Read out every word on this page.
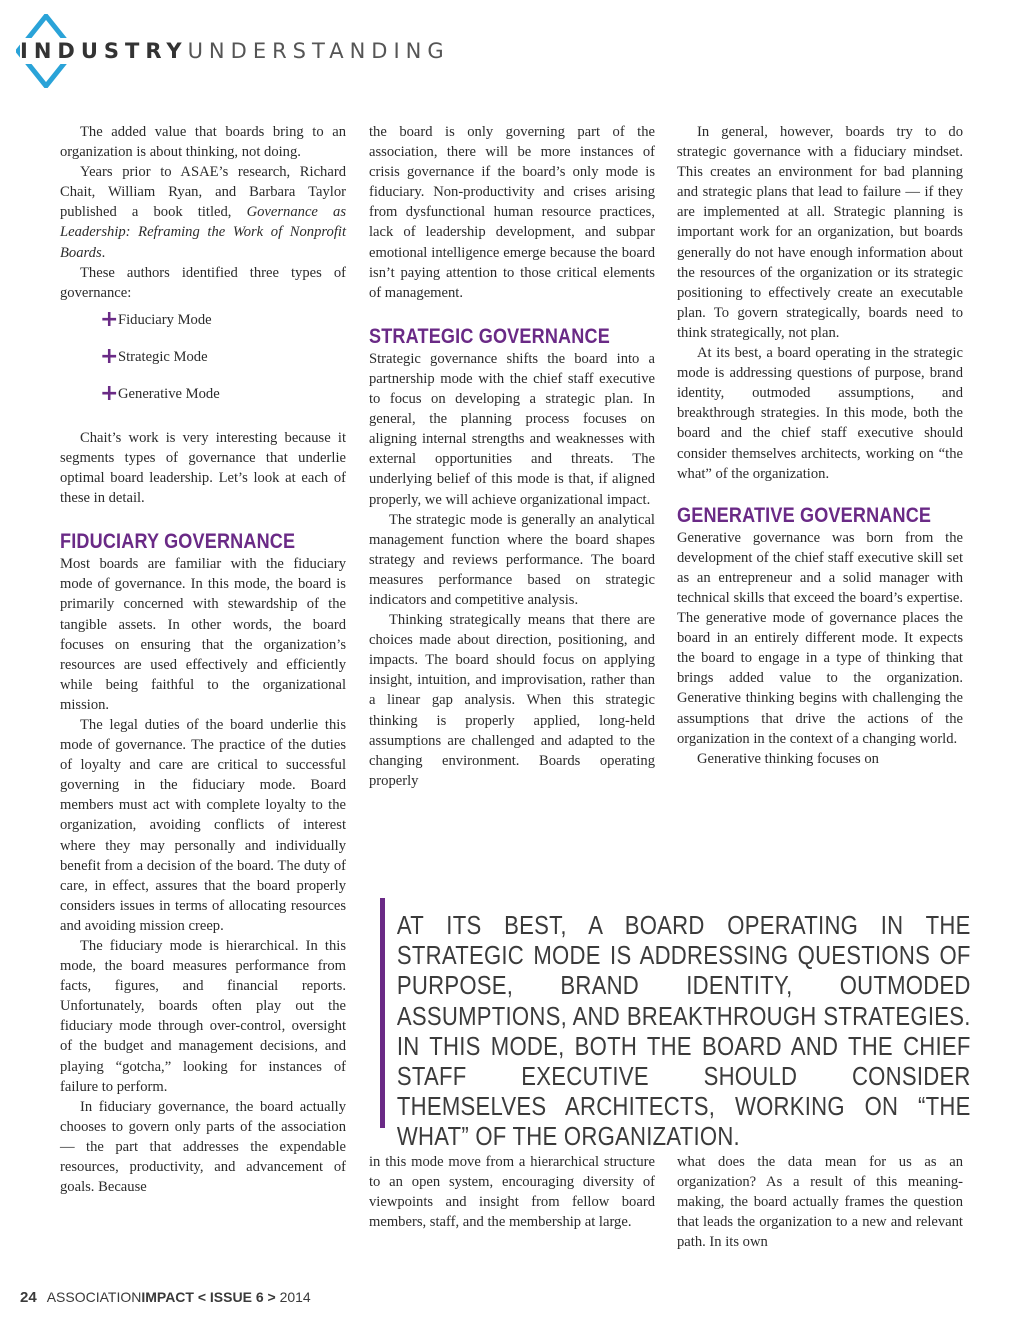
INDUSTRYUNDERSTANDING

The added value that boards bring to an organization is about thinking, not doing.

Years prior to ASAE’s research, Richard Chait, William Ryan, and Barbara Taylor published a book titled, Governance as Leadership: Reframing the Work of Nonprofit Boards.

These authors identified three types of governance:

+ Fiduciary Mode
+ Strategic Mode
+ Generative Mode

Chait’s work is very interesting because it segments types of governance that underlie optimal board leadership. Let’s look at each of these in detail.

FIDUCIARY GOVERNANCE

Most boards are familiar with the fiduciary mode of governance. In this mode, the board is primarily concerned with stewardship of the tangible assets. In other words, the board focuses on ensuring that the organization’s resources are used effectively and efficiently while being faithful to the organizational mission.

The legal duties of the board underlie this mode of governance. The practice of the duties of loyalty and care are critical to successful governing in the fiduciary mode. Board members must act with complete loyalty to the organization, avoiding conflicts of interest where they may personally and individually benefit from a decision of the board. The duty of care, in effect, assures that the board properly considers issues in terms of allocating resources and avoiding mission creep.

The fiduciary mode is hierarchical. In this mode, the board measures performance from facts, figures, and financial reports. Unfortunately, boards often play out the fiduciary mode through over-control, oversight of the budget and management decisions, and playing “gotcha,” looking for instances of failure to perform.

In fiduciary governance, the board actually chooses to govern only parts of the association — the part that addresses the expendable resources, productivity, and advancement of goals. Because

the board is only governing part of the association, there will be more instances of crisis governance if the board’s only mode is fiduciary. Non-productivity and crises arising from dysfunctional human resource practices, lack of leadership development, and subpar emotional intelligence emerge because the board isn’t paying attention to those critical elements of management.

STRATEGIC GOVERNANCE

Strategic governance shifts the board into a partnership mode with the chief staff executive to focus on developing a strategic plan. In general, the planning process focuses on aligning internal strengths and weaknesses with external opportunities and threats. The underlying belief of this mode is that, if aligned properly, we will achieve organizational impact.

The strategic mode is generally an analytical management function where the board shapes strategy and reviews performance. The board measures performance based on strategic indicators and competitive analysis.

Thinking strategically means that there are choices made about direction, positioning, and impacts. The board should focus on applying insight, intuition, and improvisation, rather than a linear gap analysis. When this strategic thinking is properly applied, long-held assumptions are challenged and adapted to the changing environment. Boards operating properly

In general, however, boards try to do strategic governance with a fiduciary mindset. This creates an environment for bad planning and strategic plans that lead to failure — if they are implemented at all. Strategic planning is important work for an organization, but boards generally do not have enough information about the resources of the organization or its strategic positioning to effectively create an executable plan. To govern strategically, boards need to think strategically, not plan.

At its best, a board operating in the strategic mode is addressing questions of purpose, brand identity, outmoded assumptions, and breakthrough strategies. In this mode, both the board and the chief staff executive should consider themselves architects, working on “the what” of the organization.

GENERATIVE GOVERNANCE

Generative governance was born from the development of the chief staff executive skill set as an entrepreneur and a solid manager with technical skills that exceed the board’s expertise. The generative mode of governance places the board in an entirely different mode. It expects the board to engage in a type of thinking that brings added value to the organization. Generative thinking begins with challenging the assumptions that drive the actions of the organization in the context of a changing world.

Generative thinking focuses on

AT ITS BEST, A BOARD OPERATING IN THE STRATEGIC MODE IS ADDRESSING QUESTIONS OF PURPOSE, BRAND IDENTITY, OUTMODED ASSUMPTIONS, AND BREAKTHROUGH STRATEGIES. IN THIS MODE, BOTH THE BOARD AND THE CHIEF STAFF EXECUTIVE SHOULD CONSIDER THEMSELVES ARCHITECTS, WORKING ON “THE WHAT” OF THE ORGANIZATION.

in this mode move from a hierarchical structure to an open system, encouraging diversity of viewpoints and insight from fellow board members, staff, and the membership at large.

what does the data mean for us as an organization? As a result of this meaning-making, the board actually frames the question that leads the organization to a new and relevant path. In its own

24 ASSOCIATIONIMPACT < ISSUE 6 > 2014
